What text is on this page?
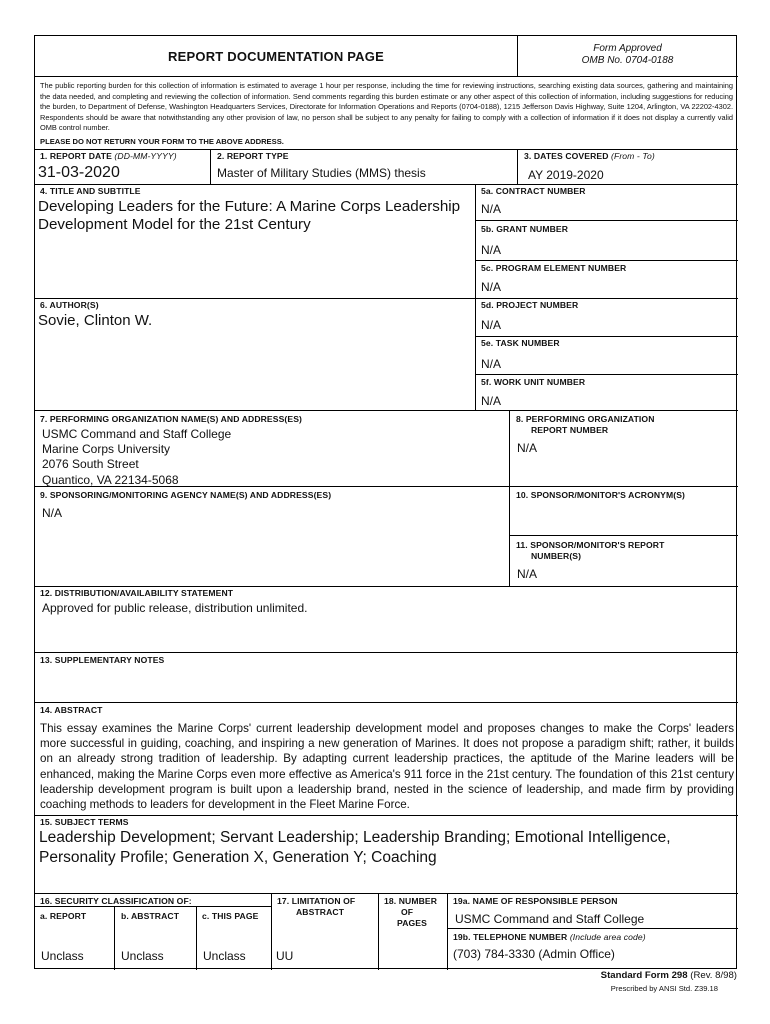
REPORT DOCUMENTATION PAGE
Form Approved
OMB No. 0704-0188
The public reporting burden for this collection of information is estimated to average 1 hour per response, including the time for reviewing instructions, searching existing data sources, gathering and maintaining the data needed, and completing and reviewing the collection of information. Send comments regarding this burden estimate or any other aspect of this collection of information, including suggestions for reducing the burden, to Department of Defense, Washington Headquarters Services, Directorate for Information Operations and Reports (0704-0188), 1215 Jefferson Davis Highway, Suite 1204, Arlington, VA 22202-4302. Respondents should be aware that notwithstanding any other provision of law, no person shall be subject to any penalty for failing to comply with a collection of information if it does not display a currently valid OMB control number.
PLEASE DO NOT RETURN YOUR FORM TO THE ABOVE ADDRESS.
1. REPORT DATE (DD-MM-YYYY)
31-03-2020
2. REPORT TYPE
Master of Military Studies (MMS) thesis
3. DATES COVERED (From - To)
AY 2019-2020
4. TITLE AND SUBTITLE
Developing Leaders for the Future: A Marine Corps Leadership
Development Model for the 21st Century
5a. CONTRACT NUMBER
N/A
5b. GRANT NUMBER
N/A
5c. PROGRAM ELEMENT NUMBER
N/A
6. AUTHOR(S)
Sovie, Clinton W.
5d. PROJECT NUMBER
N/A
5e. TASK NUMBER
N/A
5f. WORK UNIT NUMBER
N/A
7. PERFORMING ORGANIZATION NAME(S) AND ADDRESS(ES)
USMC Command and Staff College
Marine Corps University
2076 South Street
Quantico, VA 22134-5068
8. PERFORMING ORGANIZATION
REPORT NUMBER
N/A
9. SPONSORING/MONITORING AGENCY NAME(S) AND ADDRESS(ES)
N/A
10. SPONSOR/MONITOR'S ACRONYM(S)
11. SPONSOR/MONITOR'S REPORT
NUMBER(S)
N/A
12. DISTRIBUTION/AVAILABILITY STATEMENT
Approved for public release, distribution unlimited.
13. SUPPLEMENTARY NOTES
14. ABSTRACT
This essay examines the Marine Corps' current leadership development model and proposes changes to make the Corps' leaders more successful in guiding, coaching, and inspiring a new generation of Marines. It does not propose a paradigm shift; rather, it builds on an already strong tradition of leadership. By adapting current leadership practices, the aptitude of the Marine leaders will be enhanced, making the Marine Corps even more effective as America's 911 force in the 21st century. The foundation of this 21st century leadership development program is built upon a leadership brand, nested in the science of leadership, and made firm by providing coaching methods to leaders for development in the Fleet Marine Force.
15. SUBJECT TERMS
Leadership Development; Servant Leadership; Leadership Branding; Emotional Intelligence, Personality Profile; Generation X, Generation Y; Coaching
16. SECURITY CLASSIFICATION OF:
a. REPORT	b. ABSTRACT	c. THIS PAGE
Unclass	Unclass	Unclass
17. LIMITATION OF
ABSTRACT
UU
18. NUMBER
OF
PAGES
19a. NAME OF RESPONSIBLE PERSON
USMC Command and Staff College
19b. TELEPHONE NUMBER (Include area code)
(703) 784-3330 (Admin Office)
Standard Form 298 (Rev. 8/98)
Prescribed by ANSI Std. Z39.18
